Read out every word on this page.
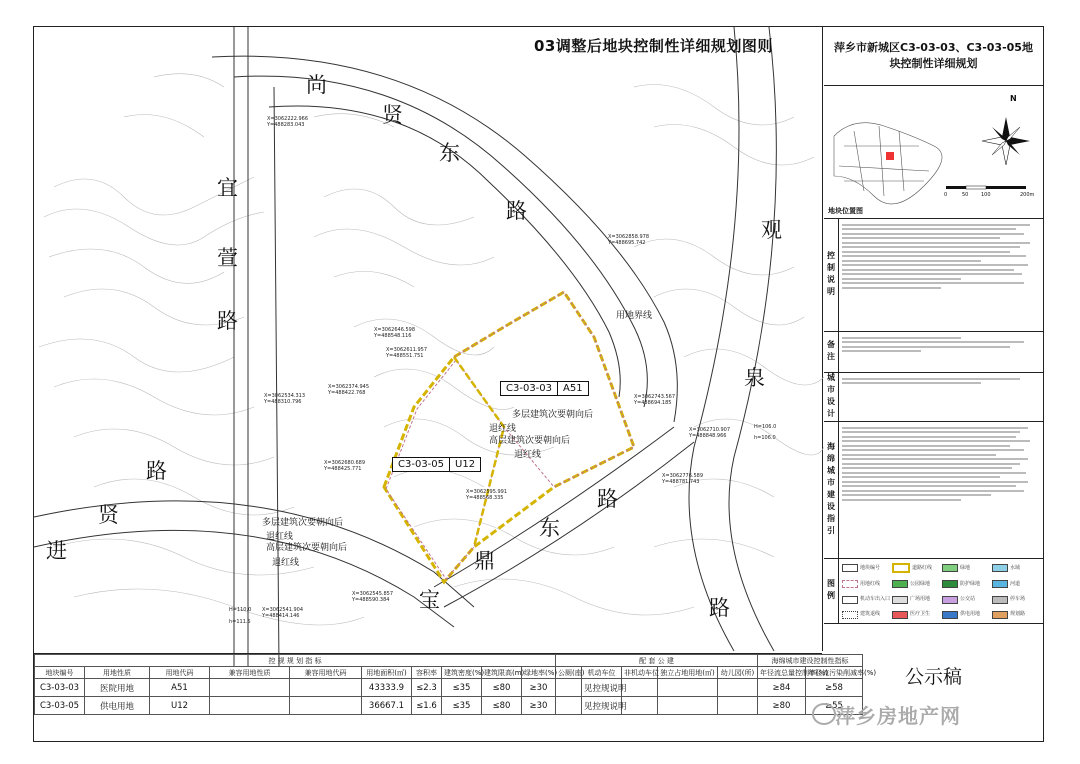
03调整后地块控制性详细规划图则
尚
贤
东
路
宜
萱
路
观
泉
路
进
贤
路
宝
鼎
东
路
用地界线
C3-03-03	A51
C3-03-05	U12
多层建筑次要朝向后
退红线
高层建筑次要朝向后
退红线
多层建筑次要朝向后
退红线
高层建筑次要朝向后
退红线
X=3062222.966
Y=488283.043
X=3062858.978
Y=488695.742
X=3062646.598
Y=488548.116
X=3062611.957
Y=488551.751
X=3062374.945
Y=488422.768
X=3062534.313
Y=488310.796
X=3062680.689
Y=488425.771
X=3062710.907
Y=488848.966
X=3062743.567
Y=488694.185
X=3062595.991
Y=488568.335
X=3062776.589
Y=488781.743
X=3062545.857
Y=488590.384
X=3062541.904
Y=488414.146
H=110.0
h=111.5
H=106.0
h=106.0
萍乡市新城区C3-03-03、C3-03-05地块控制性详细规划
N
0	50	100	200m
地块位置图
控制说明
备注
城市设计
海绵城市建设指引
图例
地块编号	道路红线	绿地	水域
用地红线	公园绿地	防护绿地	河道
机动车出入口	广场用地	公交站	停车场
建筑退线	医疗卫生	供电用地	规划路
控 规 规 划 指 标										配 套 公 建					海绵城市建设控制性指标	
地块编号	用地性质	用地代码	兼容用地性质	兼容用地代码	用地面积(㎡)	容积率	建筑密度(%)	建筑限高(m)	绿地率(%)	公厕(座)	机动车位	非机动车位	独立占地用地(㎡)	幼儿园(所)	年径流总量控制率(%)	年径流污染削减率(%)
C3-03-03	医院用地	A51			43333.9	≤2.3	≤35	≤80	≥30		见控规说明				≥84	≥58
C3-03-05	供电用地	U12			36667.1	≤1.6	≤35	≤80	≥30		见控规说明				≥80	≥55
公示稿
萍乡房地产网
